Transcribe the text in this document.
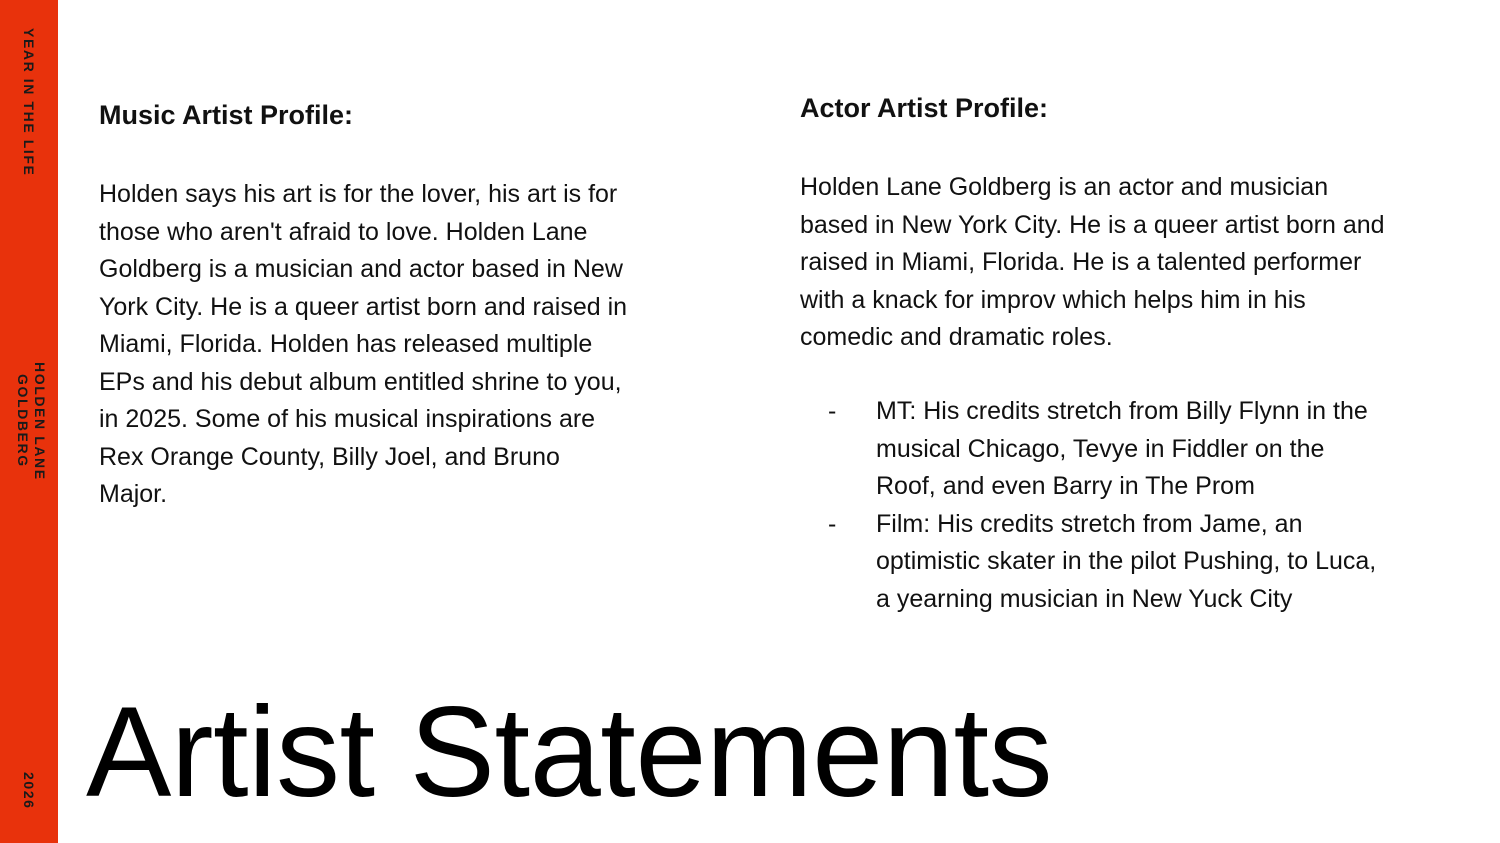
YEAR IN THE LIFE
HOLDEN LANE GOLDBERG
2026
Music Artist Profile:

Holden says his art is for the lover, his art is for those who aren't afraid to love. Holden Lane Goldberg is a musician and actor based in New York City. He is a queer artist born and raised in Miami, Florida. Holden has released multiple EPs and his debut album entitled shrine to you, in 2025. Some of his musical inspirations are Rex Orange County, Billy Joel, and Bruno Major.

Actor Artist Profile:

Holden Lane Goldberg is an actor and musician based in New York City. He is a queer artist born and raised in Miami, Florida. He is a talented performer with a knack for improv which helps him in his comedic and dramatic roles.

- MT: His credits stretch from Billy Flynn in the musical Chicago, Tevye in Fiddler on the Roof, and even Barry in The Prom
- Film: His credits stretch from Jame, an optimistic skater in the pilot Pushing, to Luca, a yearning musician in New Yuck City
Artist Statements
